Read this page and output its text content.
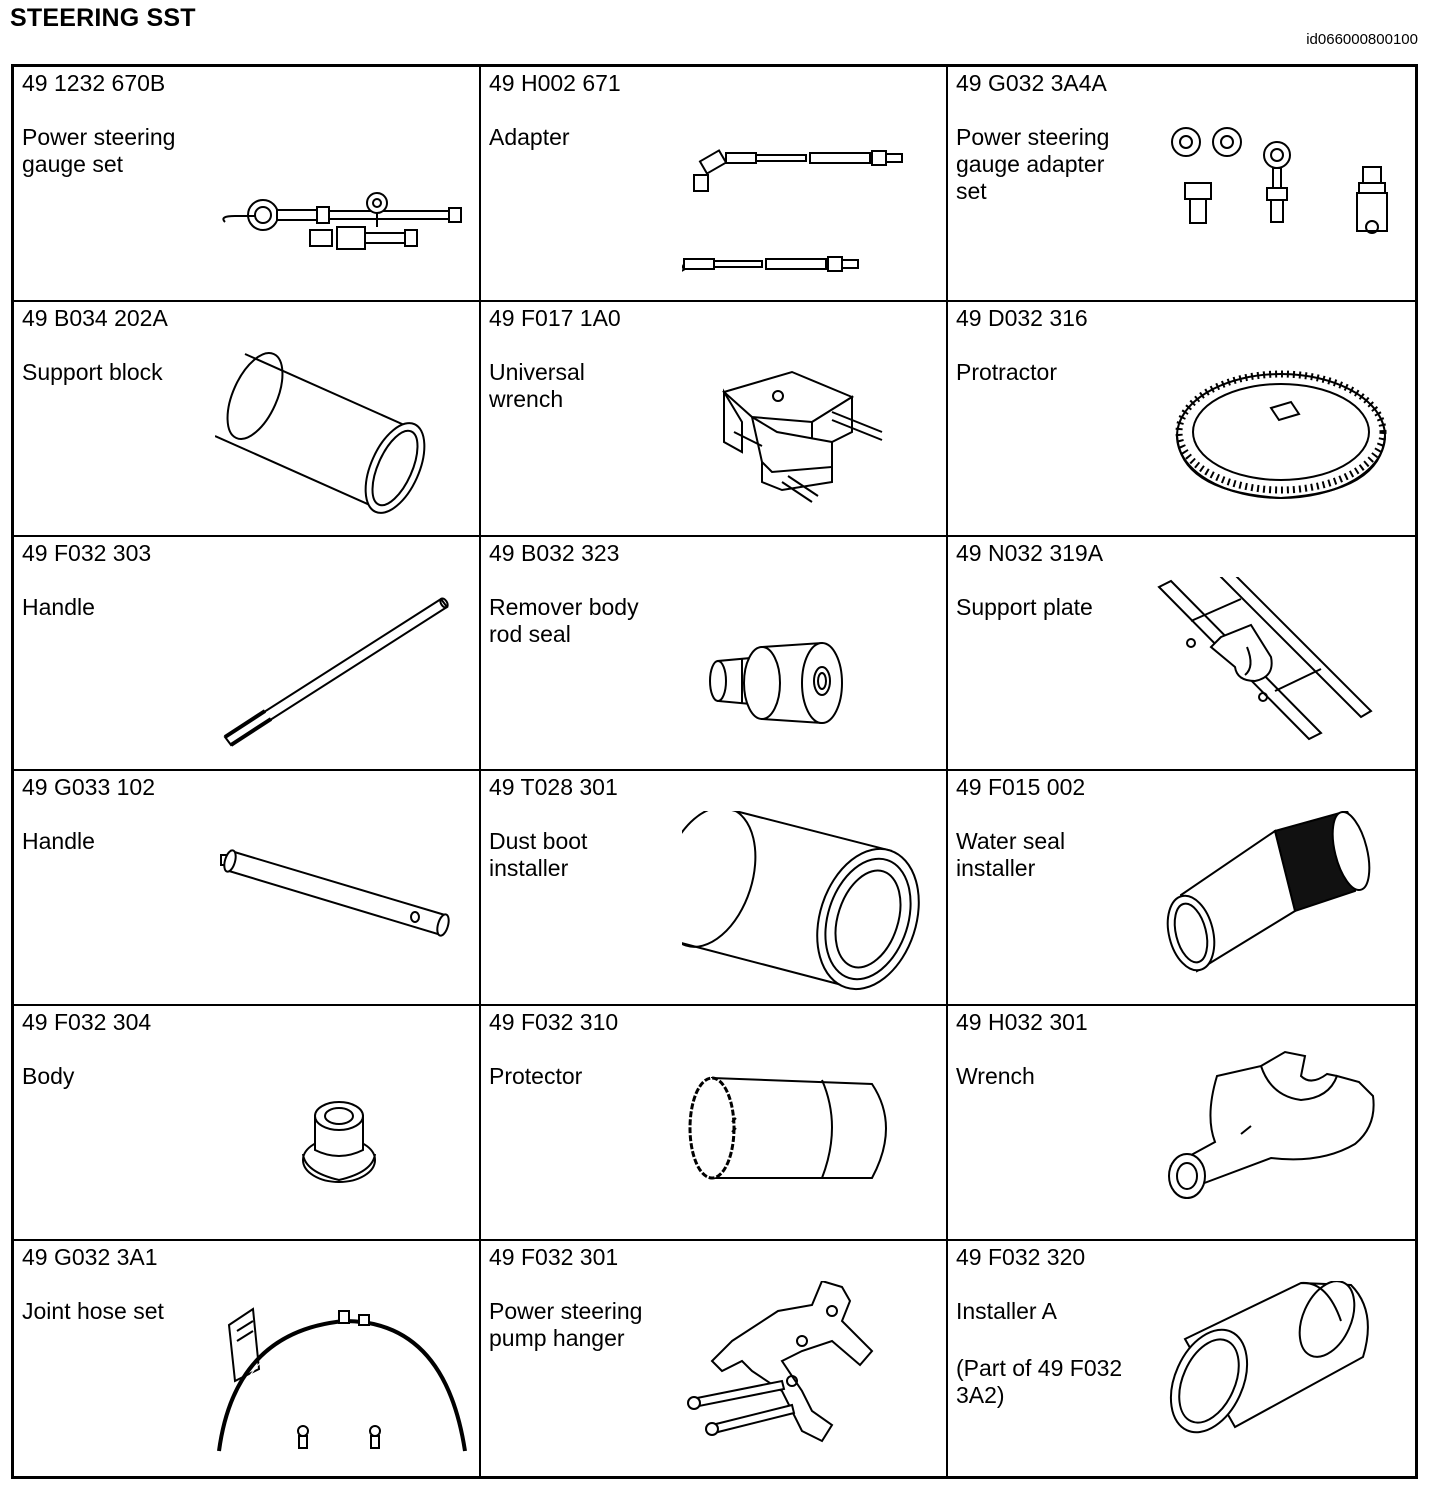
STEERING SST
id066000800100
49 1232 670B
Power steering
gauge set
49 H002 671
Adapter
49 G032 3A4A
Power steering
gauge adapter
set
49 B034 202A
Support block
49 F017 1A0
Universal
wrench
49 D032 316
Protractor
49 F032 303
Handle
49 B032 323
Remover body
rod seal
49 N032 319A
Support plate
49 G033 102
Handle
49 T028 301
Dust boot
installer
49 F015 002
Water seal
installer
49 F032 304
Body
49 F032 310
Protector
49 H032 301
Wrench
49 G032 3A1
Joint hose set
49 F032 301
Power steering
pump hanger
49 F032 320
Installer A
(Part of 49 F032
3A2)
